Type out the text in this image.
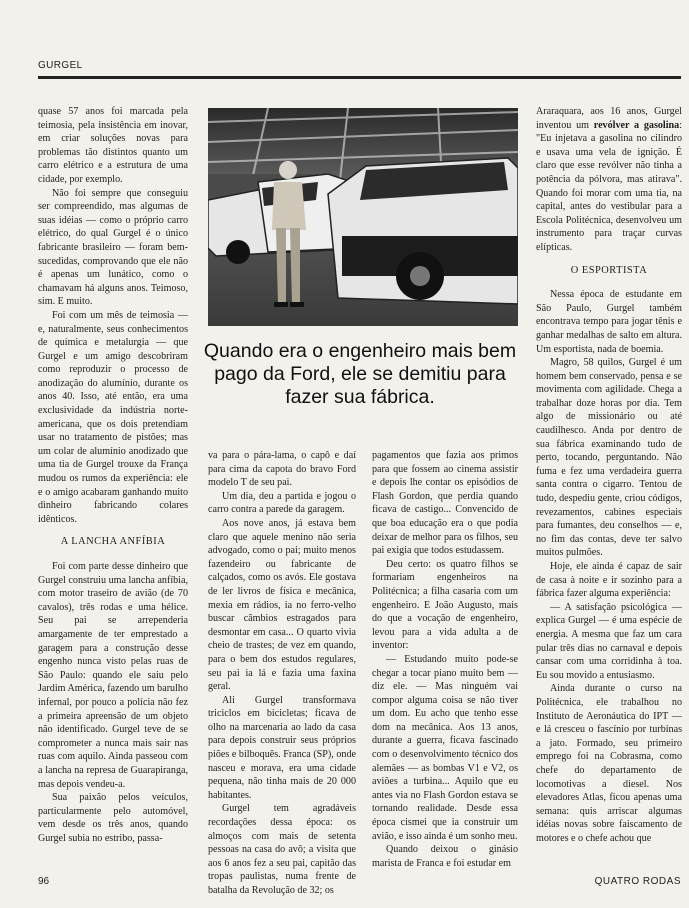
GURGEL

quase 57 anos foi marcada pela teimosia, pela insistência em inovar, em criar soluções novas para problemas tão distintos quanto um carro elétrico e a estrutura de uma cidade, por exemplo.

Não foi sempre que conseguiu ser compreendido, mas algumas de suas idéias — como o próprio carro elétrico, do qual Gurgel é o único fabricante brasileiro — foram bem-sucedidas, comprovando que ele não é apenas um lunático, como o chamavam há alguns anos. Teimoso, sim. E muito.

Foi com um mês de teimosia — e, naturalmente, seus conhecimentos de química e metalurgia — que Gurgel e um amigo descobriram como reproduzir o processo de anodização do alumínio, durante os anos 40. Isso, até então, era uma exclusividade da indústria norte-americana, que os dois pretendiam usar no tratamento de pistões; mas um colar de alumínio anodizado que uma tia de Gurgel trouxe da França mudou os rumos da experiência: ele e o amigo acabaram ganhando muito dinheiro fabricando colares idênticos.

A LANCHA ANFÍBIA

Foi com parte desse dinheiro que Gurgel construiu uma lancha anfíbia, com motor traseiro de avião (de 70 cavalos), três rodas e uma hélice. Seu pai se arrependeria amargamente de ter emprestado a garagem para a construção desse engenho nunca visto pelas ruas de São Paulo: quando ele saiu pelo Jardim América, fazendo um barulho infernal, por pouco a polícia não fez a primeira apreensão de um objeto não identificado. Gurgel teve de se comprometer a nunca mais sair nas ruas com aquilo. Ainda passeou com a lancha na represa de Guarapiranga, mas depois vendeu-a.

Sua paixão pelos veículos, particularmente pelo automóvel, vem desde os três anos, quando Gurgel subia no estribo, passa-

Quando era o engenheiro mais bem pago da Ford, ele se demitiu para fazer sua fábrica.

va para o pára-lama, o capô e daí para cima da capota do bravo Ford modelo T de seu pai.

Um dia, deu a partida e jogou o carro contra a parede da garagem.

Aos nove anos, já estava bem claro que aquele menino não seria advogado, como o pai; muito menos fazendeiro ou fabricante de calçados, como os avós. Ele gostava de ler livros de física e mecânica, mexia em rádios, ia no ferro-velho buscar câmbios estragados para desmontar em casa... O quarto vivia cheio de trastes; de vez em quando, para o bem dos estudos regulares, seu pai ia lá e fazia uma faxina geral.

Ali Gurgel transformava triciclos em bicicletas; ficava de olho na marcenaria ao lado da casa para depois construir seus próprios piões e bilboquês. Franca (SP), onde nasceu e morava, era uma cidade pequena, não tinha mais de 20 000 habitantes.

Gurgel tem agradáveis recordações dessa época: os almoços com mais de setenta pessoas na casa do avô; a visita que aos 6 anos fez a seu pai, capitão das tropas paulistas, numa frente de batalha da Revolução de 32; os

pagamentos que fazia aos primos para que fossem ao cinema assistir e depois lhe contar os episódios de Flash Gordon, que perdia quando ficava de castigo... Convencido de que boa educação era o que podia deixar de melhor para os filhos, seu pai exigia que todos estudassem.

Deu certo: os quatro filhos se formariam engenheiros na Politécnica; a filha casaria com um engenheiro. E João Augusto, mais do que a vocação de engenheiro, levou para a vida adulta a de inventor:

— Estudando muito pode-se chegar a tocar piano muito bem — diz ele. — Mas ninguém vai compor alguma coisa se não tiver um dom. Eu acho que tenho esse dom na mecânica. Aos 13 anos, durante a guerra, ficava fascinado com o desenvolvimento técnico dos alemães — as bombas V1 e V2, os aviões a turbina... Aquilo que eu antes via no Flash Gordon estava se tornando realidade. Desde essa época cismei que ia construir um avião, e isso ainda é um sonho meu.

Quando deixou o ginásio marista de Franca e foi estudar em

Araraquara, aos 16 anos, Gurgel inventou um revólver a gasolina: "Eu injetava a gasolina no cilindro e usava uma vela de ignição. É claro que esse revólver não tinha a potência da pólvora, mas atirava". Quando foi morar com uma tia, na capital, antes do vestibular para a Escola Politécnica, desenvolveu um instrumento para traçar curvas elípticas.

O ESPORTISTA

Nessa época de estudante em São Paulo, Gurgel também encontrava tempo para jogar tênis e ganhar medalhas de salto em altura. Um esportista, nada de boemia.

Magro, 58 quilos, Gurgel é um homem bem conservado, pensa e se movimenta com agilidade. Chega a trabalhar doze horas por dia. Tem algo de missionário ou até caudilhesco. Anda por dentro de sua fábrica examinando tudo de perto, tocando, perguntando. Não fuma e fez uma verdadeira guerra santa contra o cigarro. Tentou de tudo, despediu gente, criou códigos, revezamentos, cabines especiais para fumantes, deu conselhos — e, no fim das contas, deve ter salvo muitos pulmões.

Hoje, ele ainda é capaz de sair de casa à noite e ir sozinho para a fábrica fazer alguma experiência:

— A satisfação psicológica — explica Gurgel — é uma espécie de energia. A mesma que faz um cara pular três dias no carnaval e depois cansar com uma corridinha à toa. Eu sou movido a entusiasmo.

Ainda durante o curso na Politécnica, ele trabalhou no Instituto de Aeronáutica do IPT — e lá cresceu o fascínio por turbinas a jato. Formado, seu primeiro emprego foi na Cobrasma, como chefe do departamento de locomotivas a diesel. Nos elevadores Atlas, ficou apenas uma semana: quis arriscar algumas idéias novas sobre faiscamento de motores e o chefe achou que

96	QUATRO RODAS
